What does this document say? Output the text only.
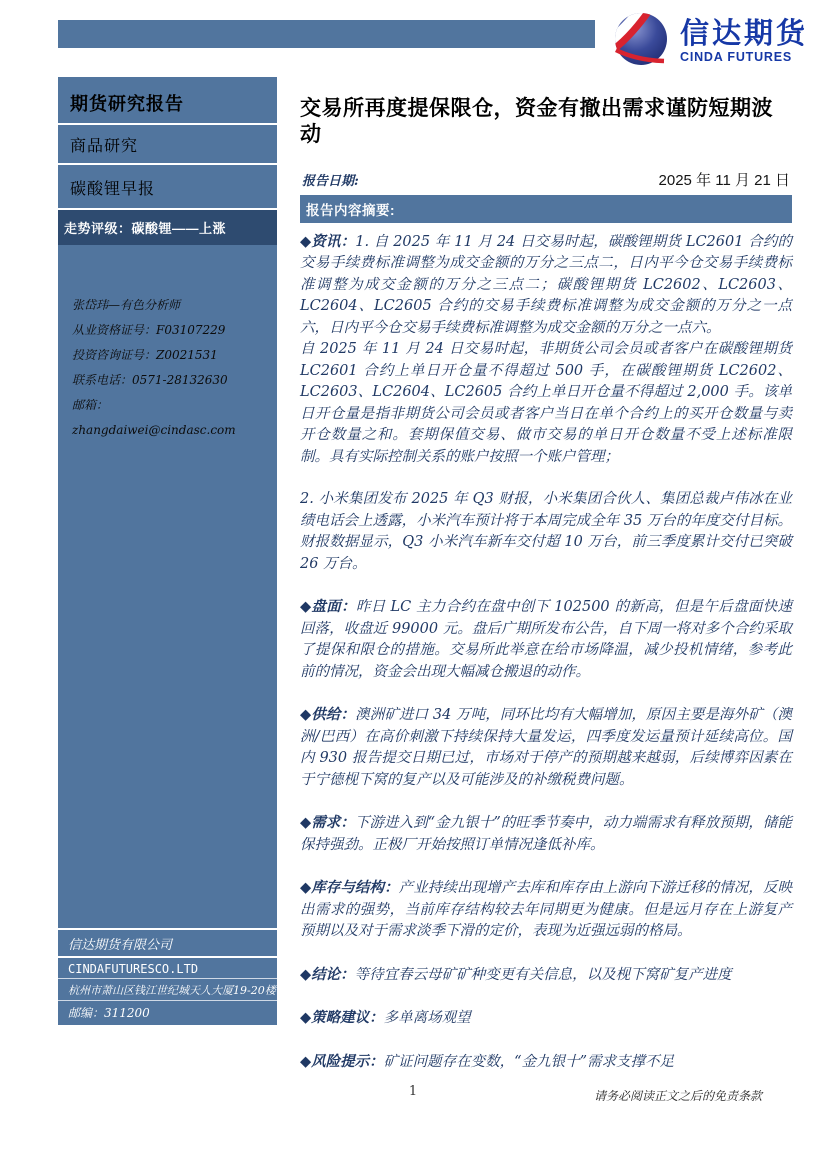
信达期货
CINDA FUTURES
期货研究报告
商品研究
碳酸锂早报
走势评级：碳酸锂——上涨
张岱玮—有色分析师
从业资格证号：F03107229
投资咨询证号：Z0021531
联系电话：0571-28132630
邮箱：zhangdaiwei@cindasc.com
信达期货有限公司
CINDAFUTURESCO.LTD
杭州市萧山区钱江世纪城天人大厦19-20楼
邮编：311200
交易所再度提保限仓，资金有撤出需求谨防短期波动
报告日期:	2025 年 11 月 21 日
报告内容摘要:

◆资讯：1. 自 2025 年 11 月 24 日交易时起，碳酸锂期货 LC2601 合约的交易手续费标准调整为成交金额的万分之三点二，日内平今仓交易手续费标准调整为成交金额的万分之三点二；碳酸锂期货 LC2602、LC2603、LC2604、LC2605 合约的交易手续费标准调整为成交金额的万分之一点六，日内平今仓交易手续费标准调整为成交金额的万分之一点六。

自 2025 年 11 月 24 日交易时起，非期货公司会员或者客户在碳酸锂期货 LC2601 合约上单日开仓量不得超过 500 手，在碳酸锂期货 LC2602、LC2603、LC2604、LC2605 合约上单日开仓量不得超过 2,000 手。该单日开仓量是指非期货公司会员或者客户当日在单个合约上的买开仓数量与卖开仓数量之和。套期保值交易、做市交易的单日开仓数量不受上述标准限制。具有实际控制关系的账户按照一个账户管理；

2. 小米集团发布 2025 年 Q3 财报，小米集团合伙人、集团总裁卢伟冰在业绩电话会上透露，小米汽车预计将于本周完成全年 35 万台的年度交付目标。财报数据显示，Q3 小米汽车新车交付超 10 万台，前三季度累计交付已突破 26 万台。

◆盘面：昨日 LC 主力合约在盘中创下 102500 的新高，但是午后盘面快速回落，收盘近 99000 元。盘后广期所发布公告，自下周一将对多个合约采取了提保和限仓的措施。交易所此举意在给市场降温，减少投机情绪，参考此前的情况，资金会出现大幅减仓搬退的动作。

◆供给：澳洲矿进口 34 万吨，同环比均有大幅增加，原因主要是海外矿（澳洲/巴西）在高价刺激下持续保持大量发运，四季度发运量预计延续高位。国内 930 报告提交日期已过，市场对于停产的预期越来越弱，后续博弈因素在于宁德枧下窝的复产以及可能涉及的补缴税费问题。

◆需求：下游进入到“金九银十”的旺季节奏中，动力端需求有释放预期，储能保持强劲。正极厂开始按照订单情况逢低补库。

◆库存与结构：产业持续出现增产去库和库存由上游向下游迁移的情况，反映出需求的强势，当前库存结构较去年同期更为健康。但是远月存在上游复产预期以及对于需求淡季下滑的定价，表现为近强远弱的格局。

◆结论：等待宜春云母矿矿种变更有关信息，以及枧下窝矿复产进度

◆策略建议：多单离场观望

◆风险提示：矿证问题存在变数，“金九银十”需求支撑不足

1	请务必阅读正文之后的免责条款
